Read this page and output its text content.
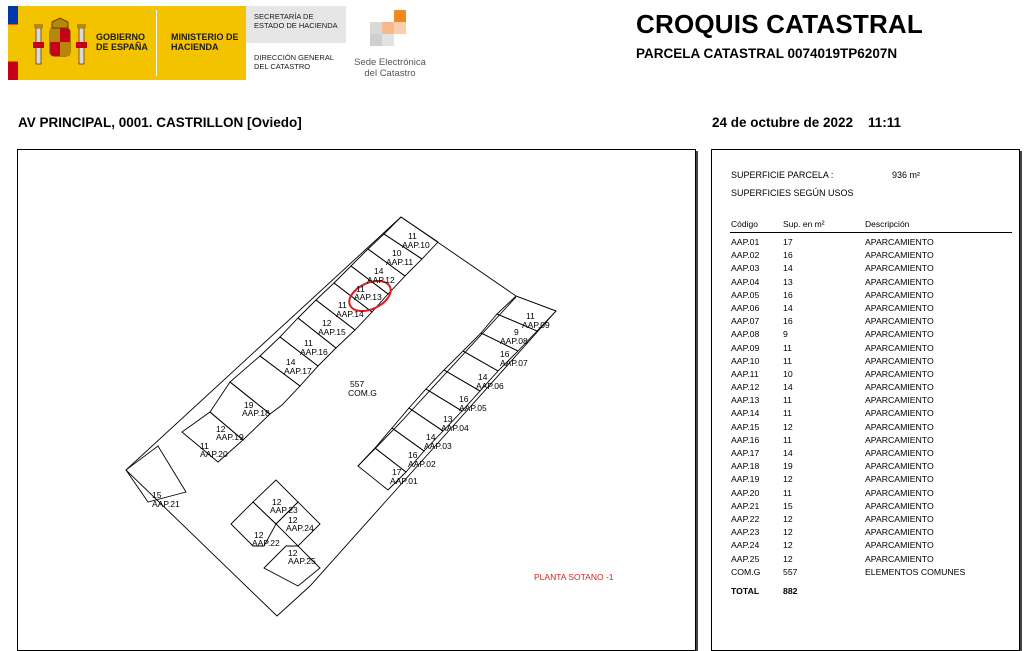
GOBIERNO DE ESPAÑA
MINISTERIO DE HACIENDA
SECRETARÍA DE ESTADO DE HACIENDA
DIRECCIÓN GENERAL DEL CATASTRO	Sede Electrónica del Catastro
CROQUIS CATASTRAL
PARCELA CATASTRAL 0074019TP6207N
AV PRINCIPAL, 0001. CASTRILLON [Oviedo]	24 de octubre de 2022 11:11
11
AAP.10
10
AAP.11
14
AAP.12
11
AAP.13
11
AAP.14
12
AAP.15
11
AAP.16
14
AAP.17
19
AAP.18
12
AAP.19
11
AAP.20
15
AAP.21	12
AAP.23
12
AAP.24
12
AAP.22
12
AAP.25
11
AAP.09
9
AAP.08
16
AAP.07
14
AAP.06
16
AAP.05
13
AAP.04
14
AAP.03
16
AAP.02
17
AAP.01
557
COM.G
PLANTA SOTANO -1
SUPERFICIE PARCELA :	936 m²
SUPERFICIES SEGÚN USOS
Código	Sup. en m²	Descripción
AAP.01	17	APARCAMIENTO
AAP.02	16	APARCAMIENTO
AAP.03	14	APARCAMIENTO
AAP.04	13	APARCAMIENTO
AAP.05	16	APARCAMIENTO
AAP.06	14	APARCAMIENTO
AAP.07	16	APARCAMIENTO
AAP.08	9	APARCAMIENTO
AAP.09	11	APARCAMIENTO
AAP.10	11	APARCAMIENTO
AAP.11	10	APARCAMIENTO
AAP.12	14	APARCAMIENTO
AAP.13	11	APARCAMIENTO
AAP.14	11	APARCAMIENTO
AAP.15	12	APARCAMIENTO
AAP.16	11	APARCAMIENTO
AAP.17	14	APARCAMIENTO
AAP.18	19	APARCAMIENTO
AAP.19	12	APARCAMIENTO
AAP.20	11	APARCAMIENTO
AAP.21	15	APARCAMIENTO
AAP.22	12	APARCAMIENTO
AAP.23	12	APARCAMIENTO
AAP.24	12	APARCAMIENTO
AAP.25	12	APARCAMIENTO
COM.G	557	ELEMENTOS COMUNES
TOTAL	882
